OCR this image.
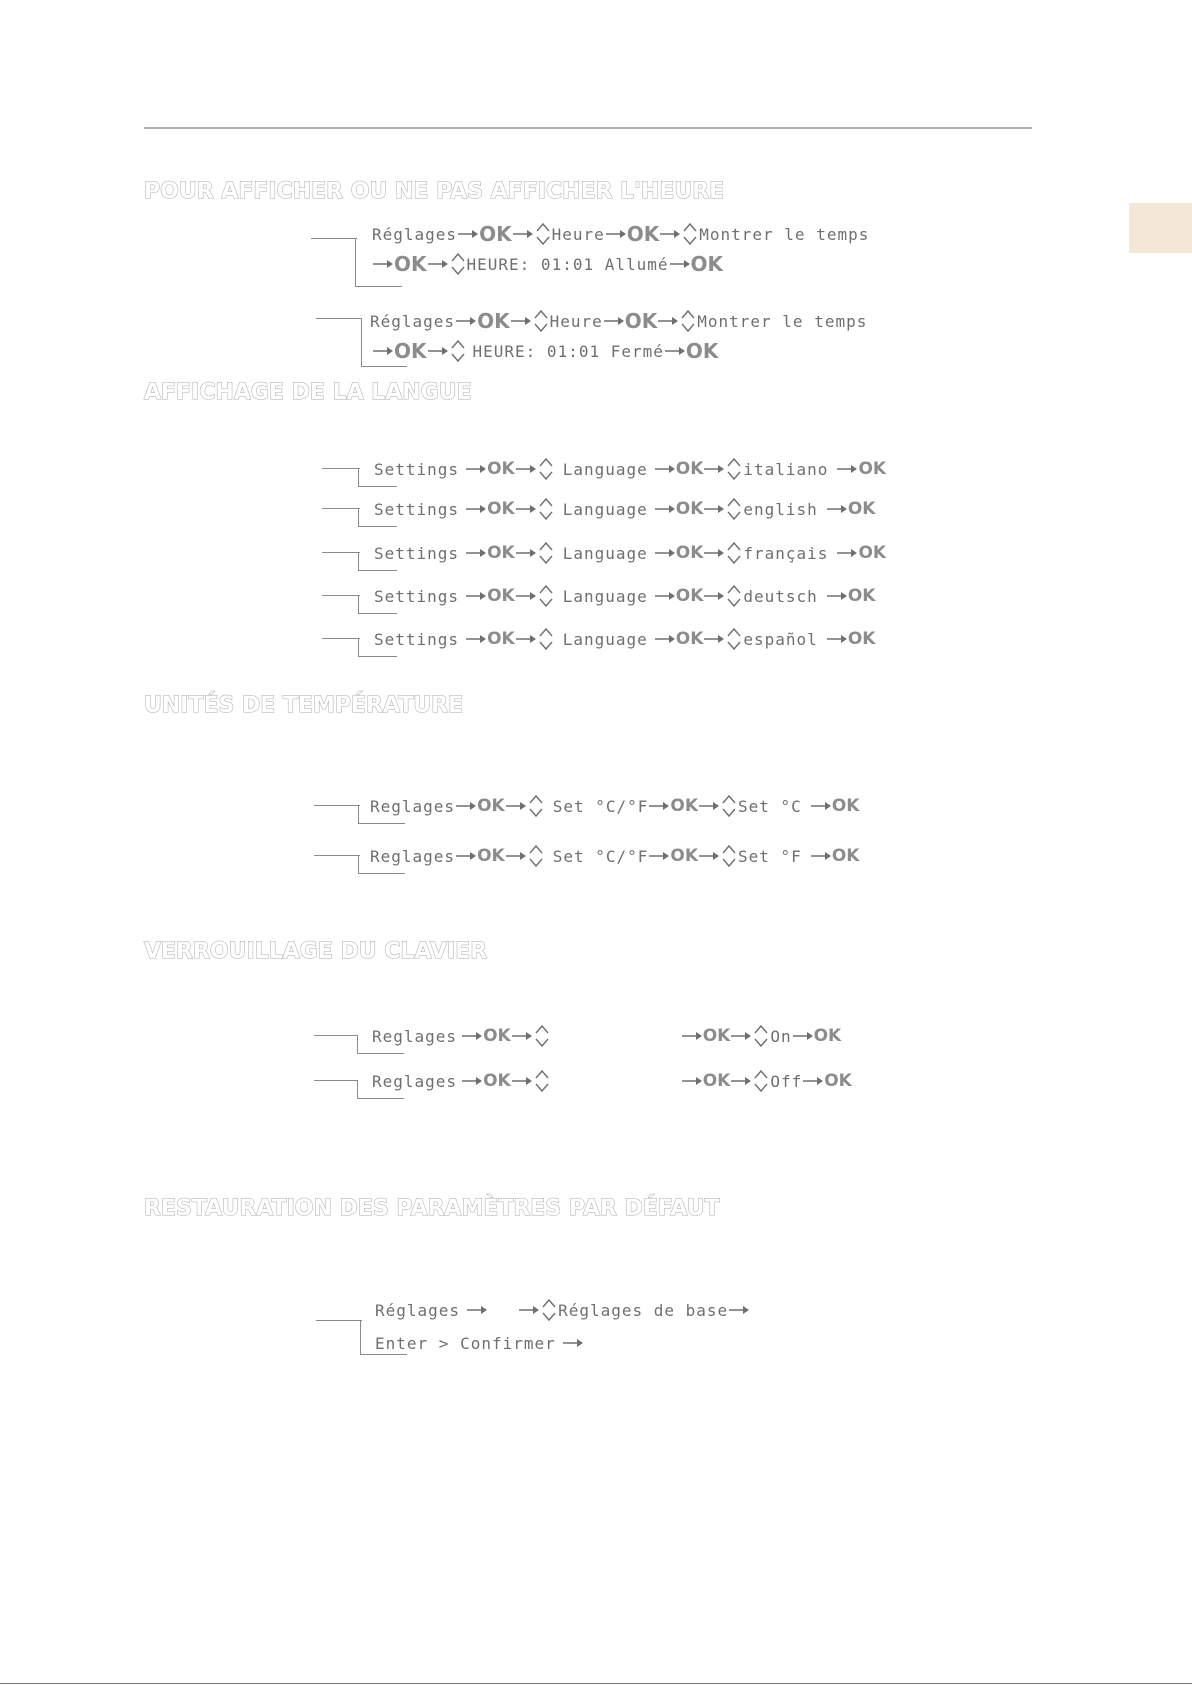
POUR AFFICHER OU NE PAS AFFICHER L'HEURE
Réglages OK	Heure OK	Montrer le temps
OK	HEURE: 01:01 Allumé OK
Réglages OK	Heure OK	Montrer le temps
OK	HEURE: 01:01 Fermé OK
AFFICHAGE DE LA LANGUE
Settings OK	Language OK	italiano OK
Settings OK	Language OK	english OK
Settings OK	Language OK	français OK
Settings OK	Language OK	deutsch OK
Settings OK	Language OK	español OK
UNITÉS DE TEMPÉRATURE
Reglages OK	Set °C/°F OK	Set °C OK
Reglages OK	Set °C/°F OK	Set °F OK
VERROUILLAGE DU CLAVIER
Reglages OK	OK	On OK
Reglages OK	OK	Off OK
RESTAURATION DES PARAMÈTRES PAR DÉFAUT
Réglages	Réglages de base
Enter > Confirmer
